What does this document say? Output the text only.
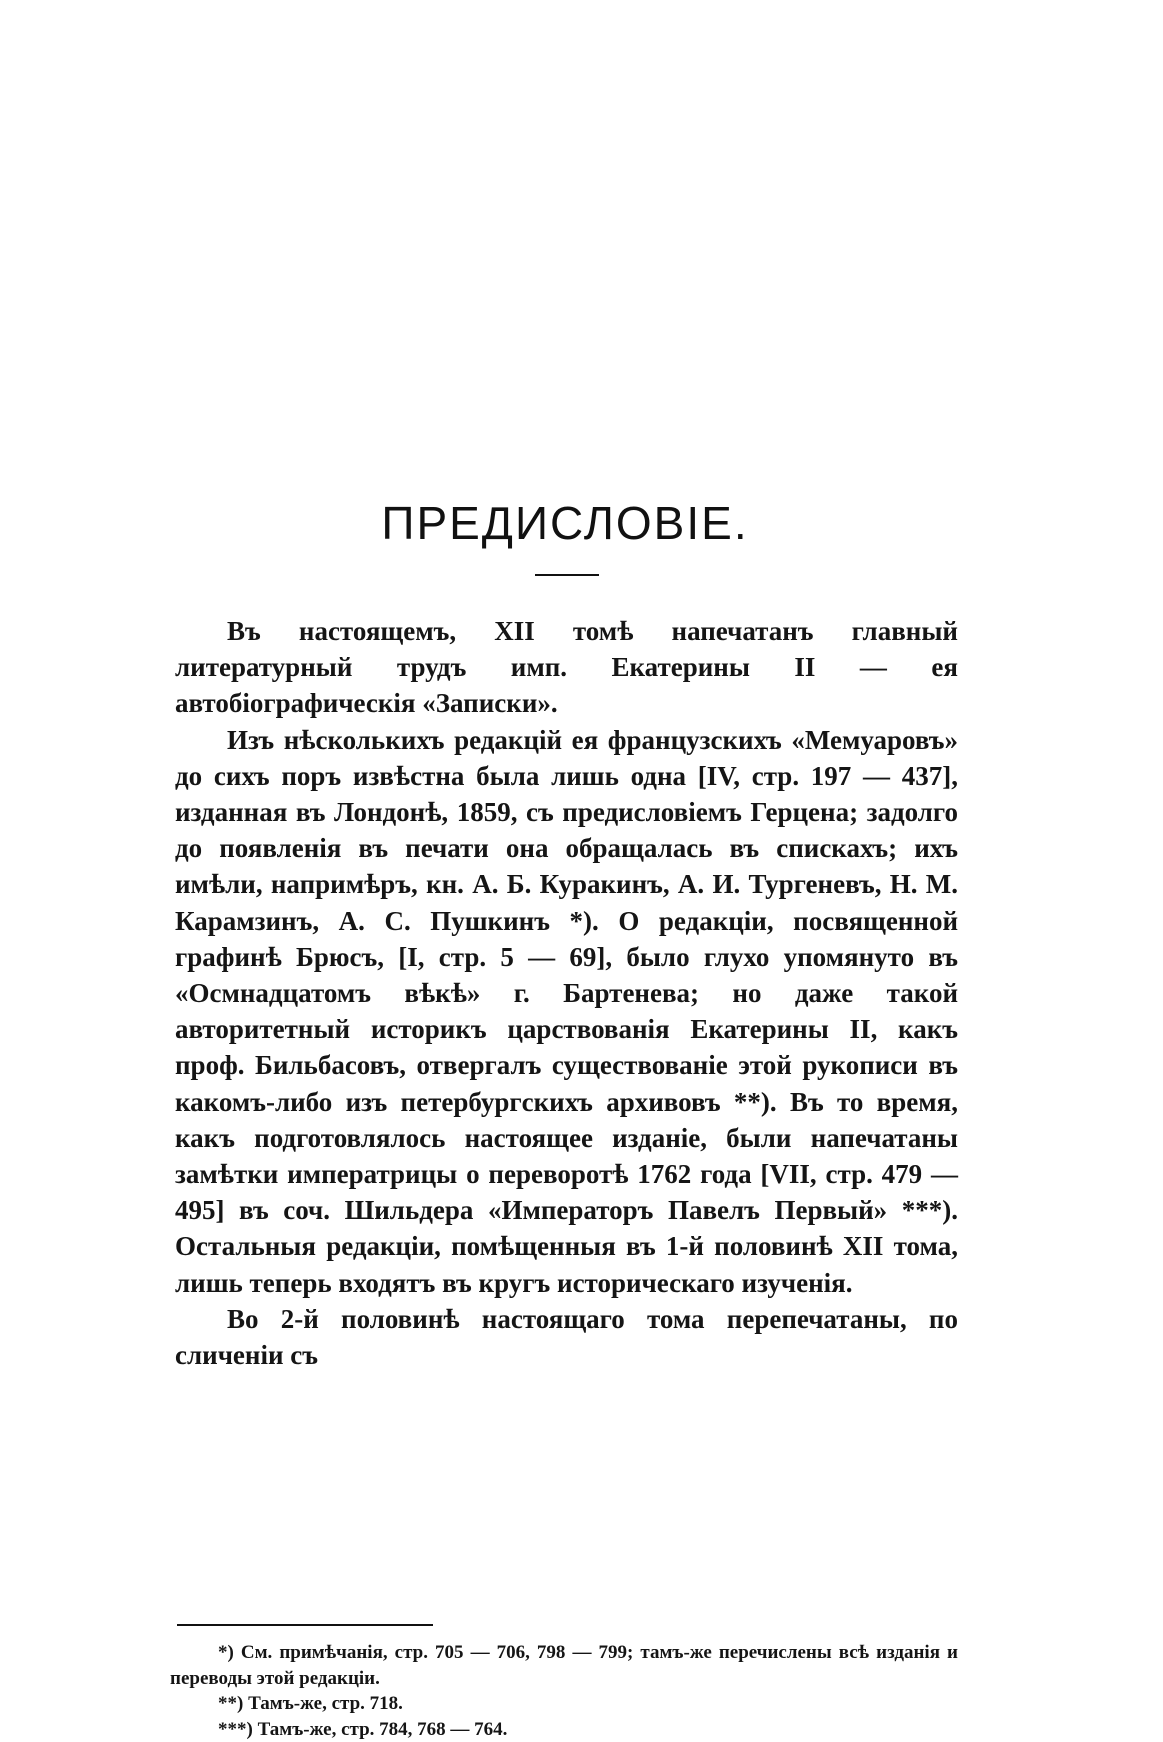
ПРЕДИСЛОВІЕ.

Въ настоящемъ, XII томѣ напечатанъ главный литературный трудъ имп. Екатерины II — ея автобіографическія «Записки».

Изъ нѣсколькихъ редакцій ея французскихъ «Мемуаровъ» до сихъ поръ извѣстна была лишь одна [IV, стр. 197 — 437], изданная въ Лондонѣ, 1859, съ предисловіемъ Герцена; задолго до появленія въ печати она обращалась въ спискахъ; ихъ имѣли, напримѣръ, кн. А. Б. Куракинъ, А. И. Тургеневъ, Н. М. Карамзинъ, А. С. Пушкинъ *). О редакціи, посвященной графинѣ Брюсъ, [I, стр. 5 — 69], было глухо упомянуто въ «Осмнадцатомъ вѣкѣ» г. Бартенева; но даже такой авторитетный историкъ царствованія Екатерины II, какъ проф. Бильбасовъ, отвергалъ существованіе этой рукописи въ какомъ-либо изъ петербургскихъ архивовъ **). Въ то время, какъ подготовлялось настоящее изданіе, были напечатаны замѣтки императрицы о переворотѣ 1762 года [VII, стр. 479 — 495] въ соч. Шильдера «Императоръ Павелъ Первый» ***). Остальныя редакціи, помѣщенныя въ 1-й половинѣ XII тома, лишь теперь входятъ въ кругъ историческаго изученія.

Во 2-й половинѣ настоящаго тома перепечатаны, по сличеніи съ

*) См. примѣчанія, стр. 705 — 706, 798 — 799; тамъ-же перечислены всѣ изданія и переводы этой редакціи.

**) Тамъ-же, стр. 718.

***) Тамъ-же, стр. 784, 768 — 764.
